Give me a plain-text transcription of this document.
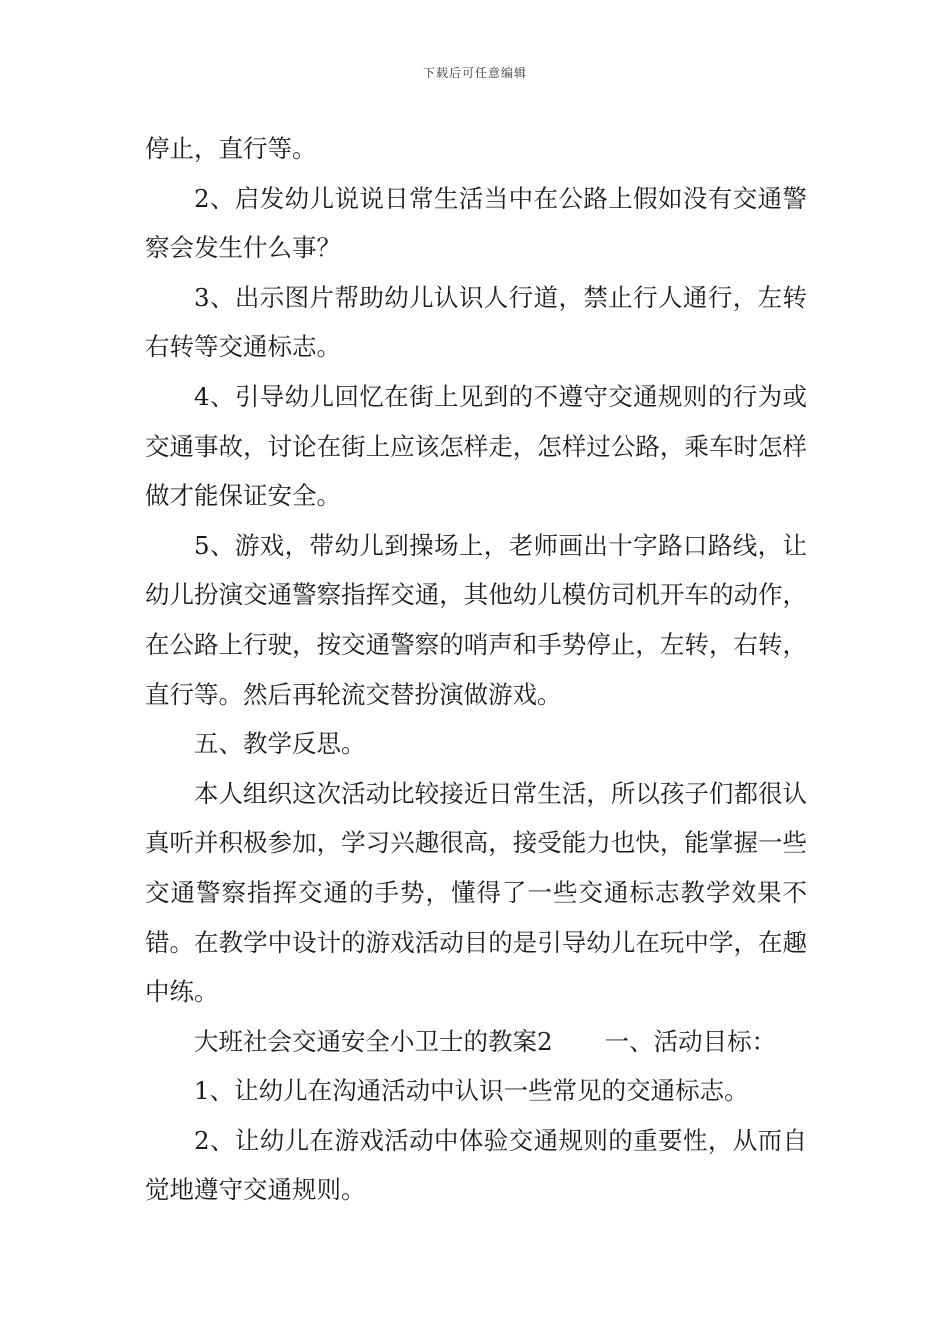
下载后可任意编辑

停止，直行等。

2、启发幼儿说说日常生活当中在公路上假如没有交通警察会发生什么事？

3、出示图片帮助幼儿认识人行道，禁止行人通行，左转右转等交通标志。

4、引导幼儿回忆在街上见到的不遵守交通规则的行为或交通事故，讨论在街上应该怎样走，怎样过公路，乘车时怎样做才能保证安全。

5、游戏，带幼儿到操场上，老师画出十字路口路线，让幼儿扮演交通警察指挥交通，其他幼儿模仿司机开车的动作，在公路上行驶，按交通警察的哨声和手势停止，左转，右转，直行等。然后再轮流交替扮演做游戏。

五、教学反思。

本人组织这次活动比较接近日常生活，所以孩子们都很认真听并积极参加，学习兴趣很高，接受能力也快，能掌握一些交通警察指挥交通的手势，懂得了一些交通标志教学效果不错。在教学中设计的游戏活动目的是引导幼儿在玩中学，在趣中练。

大班社会交通安全小卫士的教案2 一、活动目标：

1、让幼儿在沟通活动中认识一些常见的交通标志。

2、让幼儿在游戏活动中体验交通规则的重要性，从而自觉地遵守交通规则。
